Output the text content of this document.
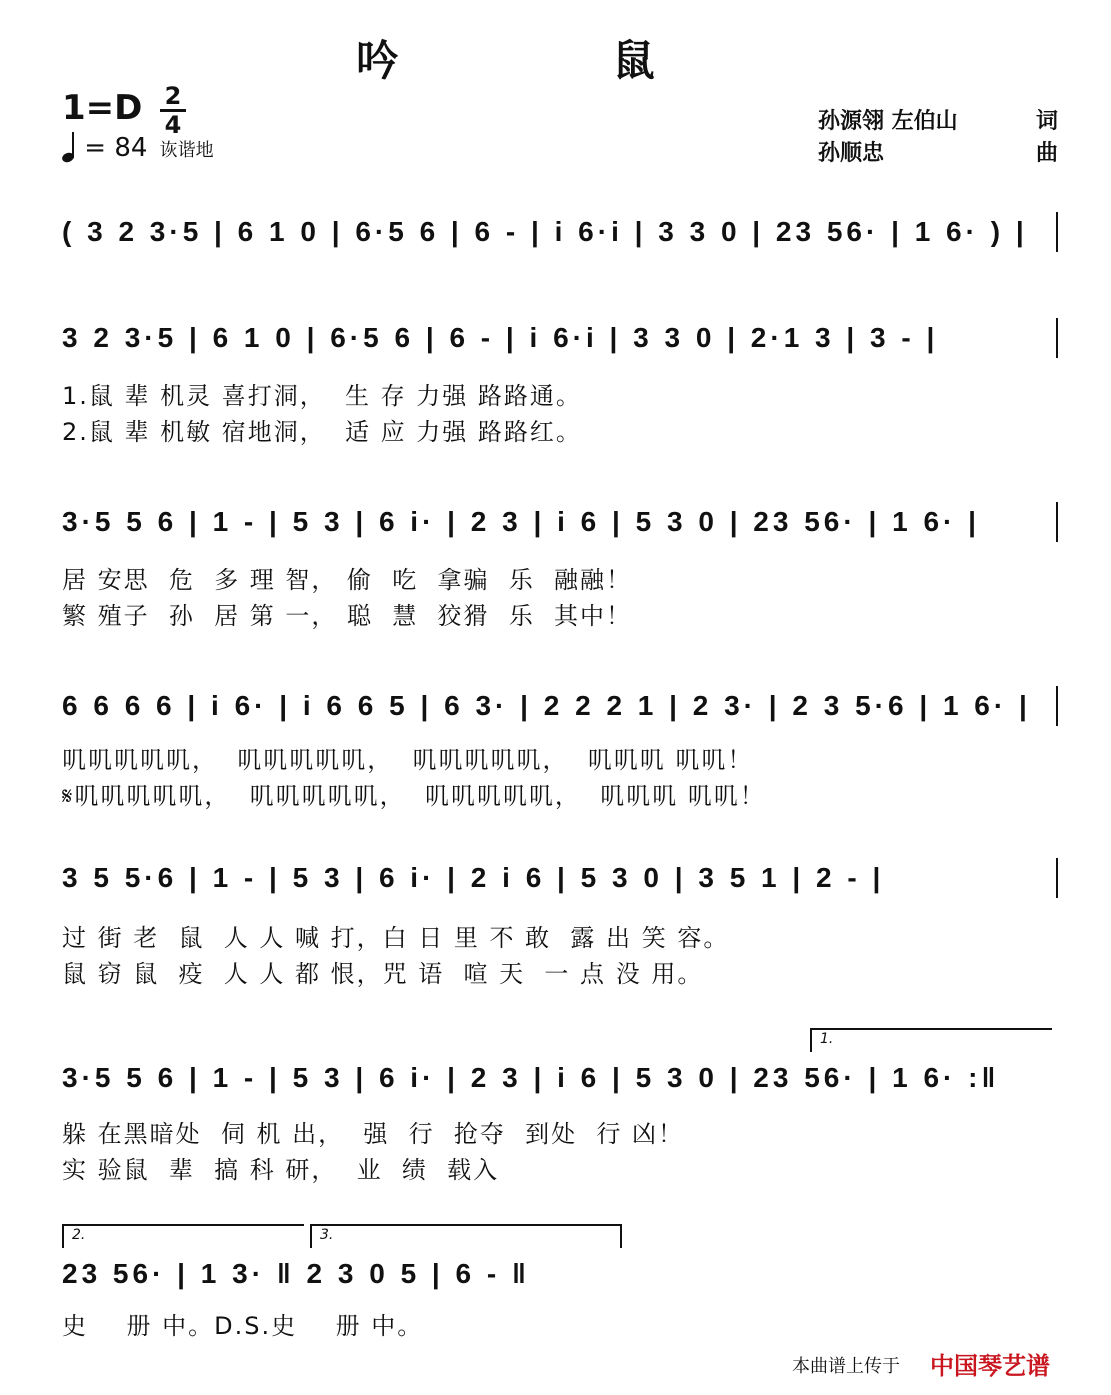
吟 鼠
1=D 2
4
= 84 诙谐地
孙源翎 左伯山	词
孙顺忠	曲
( 3 2 3·5 | 6 1 0 | 6·5 6 | 6 - | i 6·i | 3 3 0 | 23 56· | 1 6· ) |
3 2 3·5 | 6 1 0 | 6·5 6 | 6 - | i 6·i | 3 3 0 | 2·1 3 | 3 - |
1.鼠 辈 机灵 喜打洞，  生 存 力强 路路通。
2.鼠 辈 机敏 宿地洞，  适 应 力强 路路红。
3·5 5 6 | 1 - | 5 3 | 6 i· | 2 3 | i 6 | 5 3 0 | 23 56· | 1 6· |
居 安思  危  多 理 智， 偷  吃  拿骗  乐  融融！
繁 殖子  孙  居 第 一， 聪  慧  狡猾  乐  其中！
6 6 6 6 | i 6· | i 6 6 5 | 6 3· | 2 2 2 1 | 2 3· | 2 3 5·6 | 1 6· |
叽叽叽叽叽，  叽叽叽叽叽，  叽叽叽叽叽，  叽叽叽 叽叽！
𝄋叽叽叽叽叽，  叽叽叽叽叽，  叽叽叽叽叽，  叽叽叽 叽叽！
3 5 5·6 | 1 - | 5 3 | 6 i· | 2 i 6 | 5 3 0 | 3 5 1 | 2 - |
过 街 老  鼠  人 人 喊 打，白 日 里 不 敢  露 出 笑 容。
鼠 窃 鼠  疫  人 人 都 恨，咒 语  喧 天  一 点 没 用。
1.
3·5 5 6 | 1 - | 5 3 | 6 i· | 2 3 | i 6 | 5 3 0 | 23 56· | 1 6· :‖
躲 在黑暗处  伺 机 出，  强  行  抢夺  到处  行 凶！
实 验鼠  辈  搞 科 研，  业  绩  载入
2.	3.
23 56· | 1 3· ‖ 2 3 0 5 | 6 - ‖
史    册 中。D.S.史    册 中。
本曲谱上传于 中国琴艺谱
